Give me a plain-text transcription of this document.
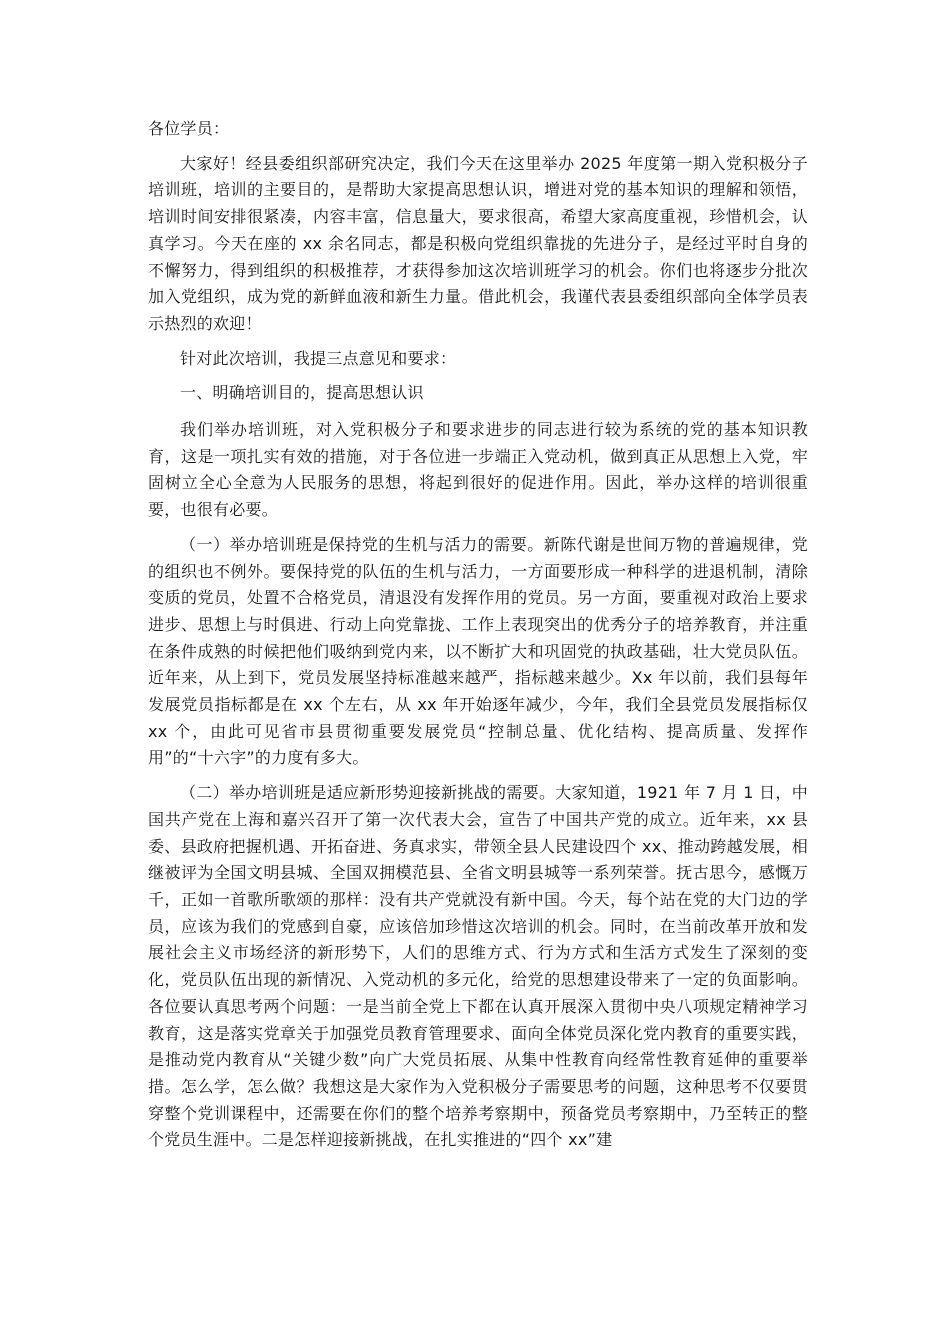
各位学员：

大家好！经县委组织部研究决定，我们今天在这里举办 2025 年度第一期入党积极分子培训班，培训的主要目的，是帮助大家提高思想认识，增进对党的基本知识的理解和领悟，培训时间安排很紧凑，内容丰富，信息量大，要求很高，希望大家高度重视，珍惜机会，认真学习。今天在座的 xx 余名同志，都是积极向党组织靠拢的先进分子，是经过平时自身的不懈努力，得到组织的积极推荐，才获得参加这次培训班学习的机会。你们也将逐步分批次加入党组织，成为党的新鲜血液和新生力量。借此机会，我谨代表县委组织部向全体学员表示热烈的欢迎！

针对此次培训，我提三点意见和要求：

一、明确培训目的，提高思想认识

我们举办培训班，对入党积极分子和要求进步的同志进行较为系统的党的基本知识教育，这是一项扎实有效的措施，对于各位进一步端正入党动机，做到真正从思想上入党，牢固树立全心全意为人民服务的思想，将起到很好的促进作用。因此，举办这样的培训很重要，也很有必要。

（一）举办培训班是保持党的生机与活力的需要。新陈代谢是世间万物的普遍规律，党的组织也不例外。要保持党的队伍的生机与活力，一方面要形成一种科学的进退机制，清除变质的党员，处置不合格党员，清退没有发挥作用的党员。另一方面，要重视对政治上要求进步、思想上与时俱进、行动上向党靠拢、工作上表现突出的优秀分子的培养教育，并注重在条件成熟的时候把他们吸纳到党内来，以不断扩大和巩固党的执政基础，壮大党员队伍。近年来，从上到下，党员发展坚持标准越来越严，指标越来越少。Xx 年以前，我们县每年发展党员指标都是在 xx 个左右，从 xx 年开始逐年减少，今年，我们全县党员发展指标仅 xx 个，由此可见省市县贯彻重要发展党员“控制总量、优化结构、提高质量、发挥作用”的“十六字”的力度有多大。

（二）举办培训班是适应新形势迎接新挑战的需要。大家知道，1921 年 7 月 1 日，中国共产党在上海和嘉兴召开了第一次代表大会，宣告了中国共产党的成立。近年来，xx 县委、县政府把握机遇、开拓奋进、务真求实，带领全县人民建设四个 xx、推动跨越发展，相继被评为全国文明县城、全国双拥模范县、全省文明县城等一系列荣誉。抚古思今，感慨万千，正如一首歌所歌颂的那样：没有共产党就没有新中国。今天，每个站在党的大门边的学员，应该为我们的党感到自豪，应该倍加珍惜这次培训的机会。同时，在当前改革开放和发展社会主义市场经济的新形势下，人们的思维方式、行为方式和生活方式发生了深刻的变化，党员队伍出现的新情况、入党动机的多元化，给党的思想建设带来了一定的负面影响。各位要认真思考两个问题：一是当前全党上下都在认真开展深入贯彻中央八项规定精神学习教育，这是落实党章关于加强党员教育管理要求、面向全体党员深化党内教育的重要实践，是推动党内教育从“关键少数”向广大党员拓展、从集中性教育向经常性教育延伸的重要举措。怎么学，怎么做？我想这是大家作为入党积极分子需要思考的问题，这种思考不仅要贯穿整个党训课程中，还需要在你们的整个培养考察期中，预备党员考察期中，乃至转正的整个党员生涯中。二是怎样迎接新挑战，在扎实推进的“四个 xx”建
